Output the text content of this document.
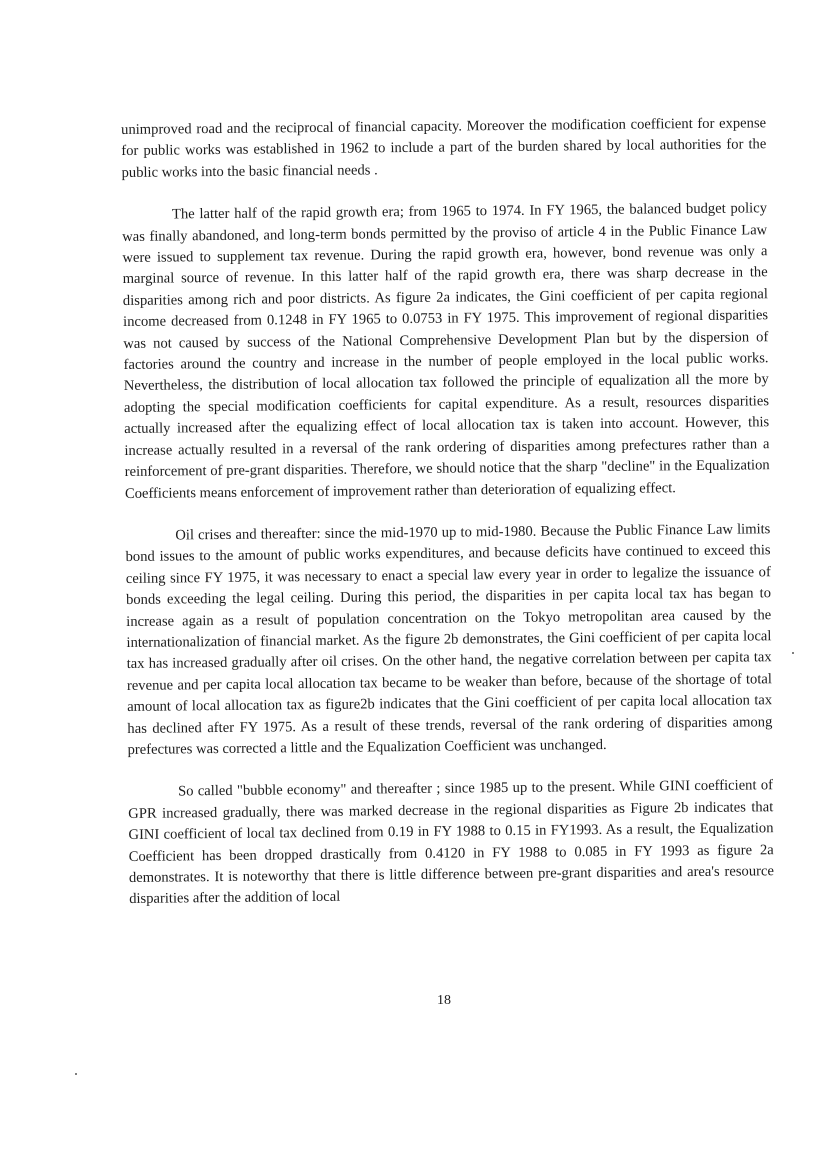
unimproved road and the reciprocal of financial capacity. Moreover the modification coefficient for expense for public works was established in 1962 to include a part of the burden shared by local authorities for the public works into the basic financial needs .

The latter half of the rapid growth era; from 1965 to 1974. In FY 1965, the balanced budget policy was finally abandoned, and long-term bonds permitted by the proviso of article 4 in the Public Finance Law were issued to supplement tax revenue. During the rapid growth era, however, bond revenue was only a marginal source of revenue. In this latter half of the rapid growth era, there was sharp decrease in the disparities among rich and poor districts. As figure 2a indicates, the Gini coefficient of per capita regional income decreased from 0.1248 in FY 1965 to 0.0753 in FY 1975. This improvement of regional disparities was not caused by success of the National Comprehensive Development Plan but by the dispersion of factories around the country and increase in the number of people employed in the local public works. Nevertheless, the distribution of local allocation tax followed the principle of equalization all the more by adopting the special modification coefficients for capital expenditure. As a result, resources disparities actually increased after the equalizing effect of local allocation tax is taken into account. However, this increase actually resulted in a reversal of the rank ordering of disparities among prefectures rather than a reinforcement of pre-grant disparities. Therefore, we should notice that the sharp "decline" in the Equalization Coefficients means enforcement of improvement rather than deterioration of equalizing effect.

Oil crises and thereafter: since the mid-1970 up to mid-1980. Because the Public Finance Law limits bond issues to the amount of public works expenditures, and because deficits have continued to exceed this ceiling since FY 1975, it was necessary to enact a special law every year in order to legalize the issuance of bonds exceeding the legal ceiling. During this period, the disparities in per capita local tax has began to increase again as a result of population concentration on the Tokyo metropolitan area caused by the internationalization of financial market. As the figure 2b demonstrates, the Gini coefficient of per capita local tax has increased gradually after oil crises. On the other hand, the negative correlation between per capita tax revenue and per capita local allocation tax became to be weaker than before, because of the shortage of total amount of local allocation tax as figure2b indicates that the Gini coefficient of per capita local allocation tax has declined after FY 1975. As a result of these trends, reversal of the rank ordering of disparities among prefectures was corrected a little and the Equalization Coefficient was unchanged.

So called "bubble economy" and thereafter ; since 1985 up to the present. While GINI coefficient of GPR increased gradually, there was marked decrease in the regional disparities as Figure 2b indicates that GINI coefficient of local tax declined from 0.19 in FY 1988 to 0.15 in FY1993. As a result, the Equalization Coefficient has been dropped drastically from 0.4120 in FY 1988 to 0.085 in FY 1993 as figure 2a demonstrates. It is noteworthy that there is little difference between pre-grant disparities and area's resource disparities after the addition of local

18
